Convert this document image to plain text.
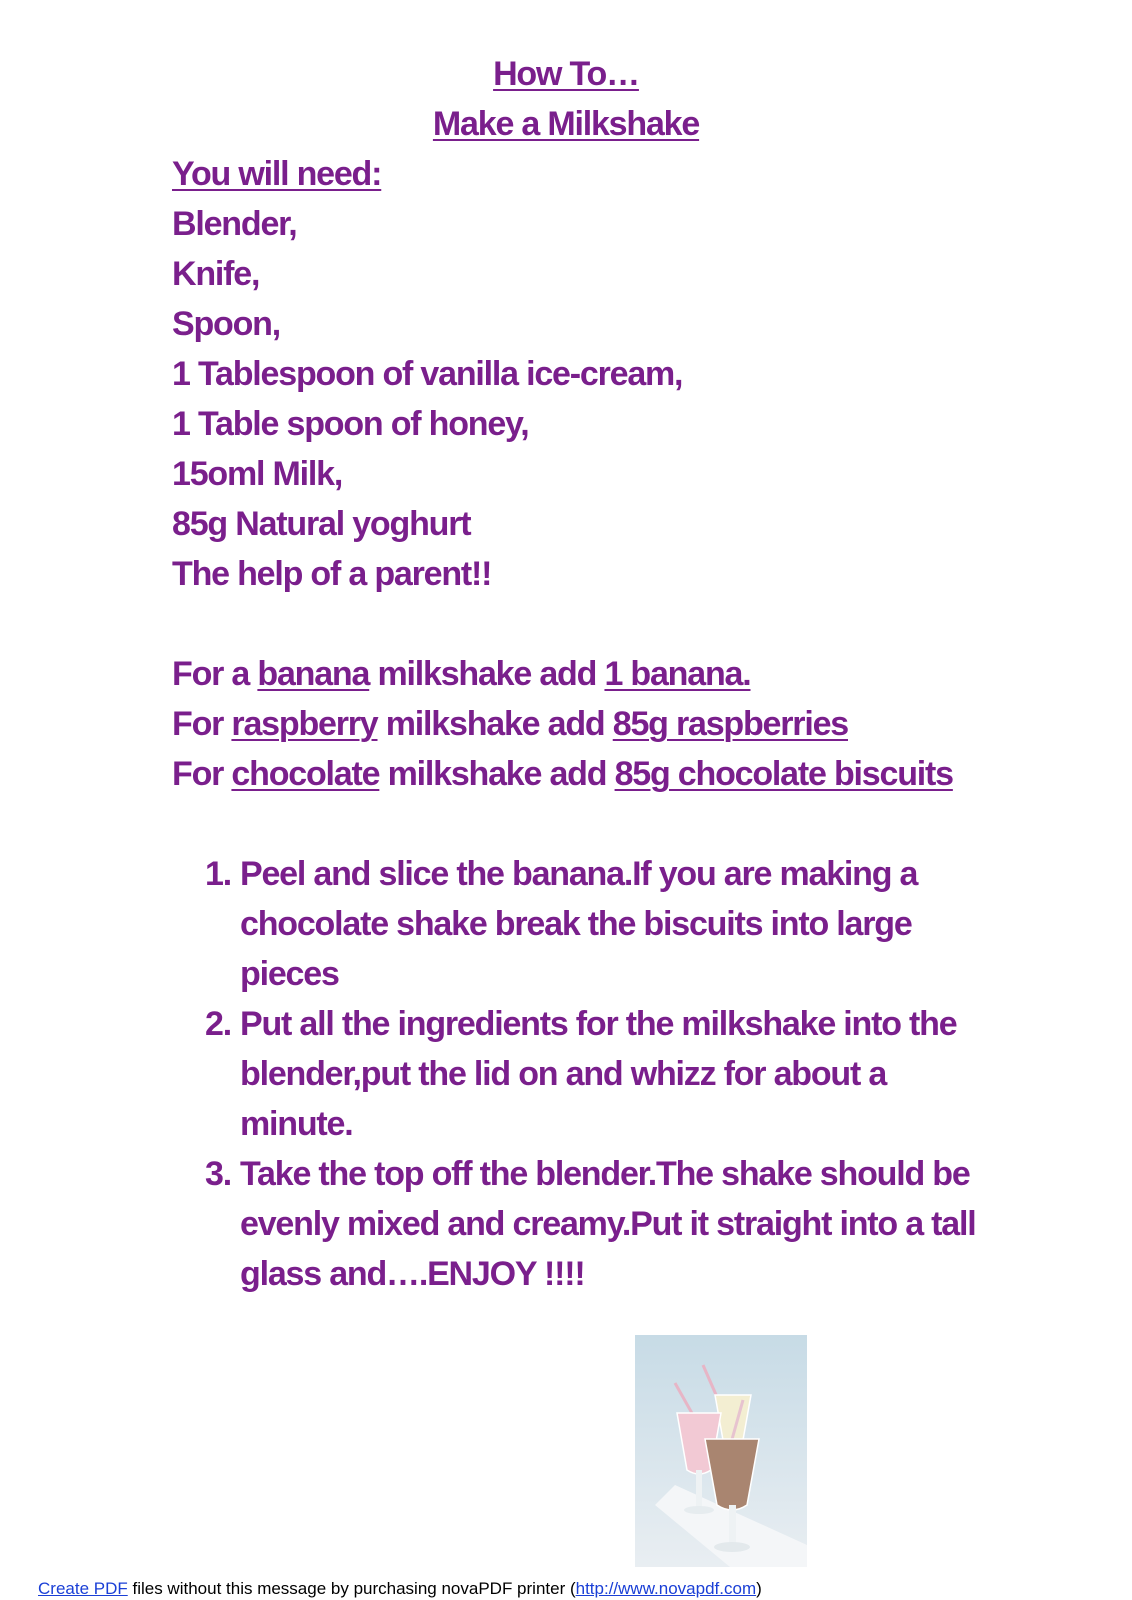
How To…
Make a Milkshake
You will need:
Blender,
Knife,
Spoon,
1 Tablespoon of vanilla ice-cream,
1 Table spoon of honey,
15oml Milk,
85g Natural yoghurt
The help of a parent!!
For a banana milkshake add 1 banana.
For raspberry milkshake add 85g raspberries
For chocolate milkshake add 85g chocolate biscuits
1. Peel and slice the banana.If you are making a
chocolate shake break the biscuits into large
pieces
2. Put all the ingredients for the milkshake into the
blender,put the lid on and whizz for about a
minute.
3. Take the top off the blender.The shake should be
evenly mixed and creamy.Put it straight into a tall
glass and….ENJOY !!!!
Create PDF files without this message by purchasing novaPDF printer (http://www.novapdf.com)
